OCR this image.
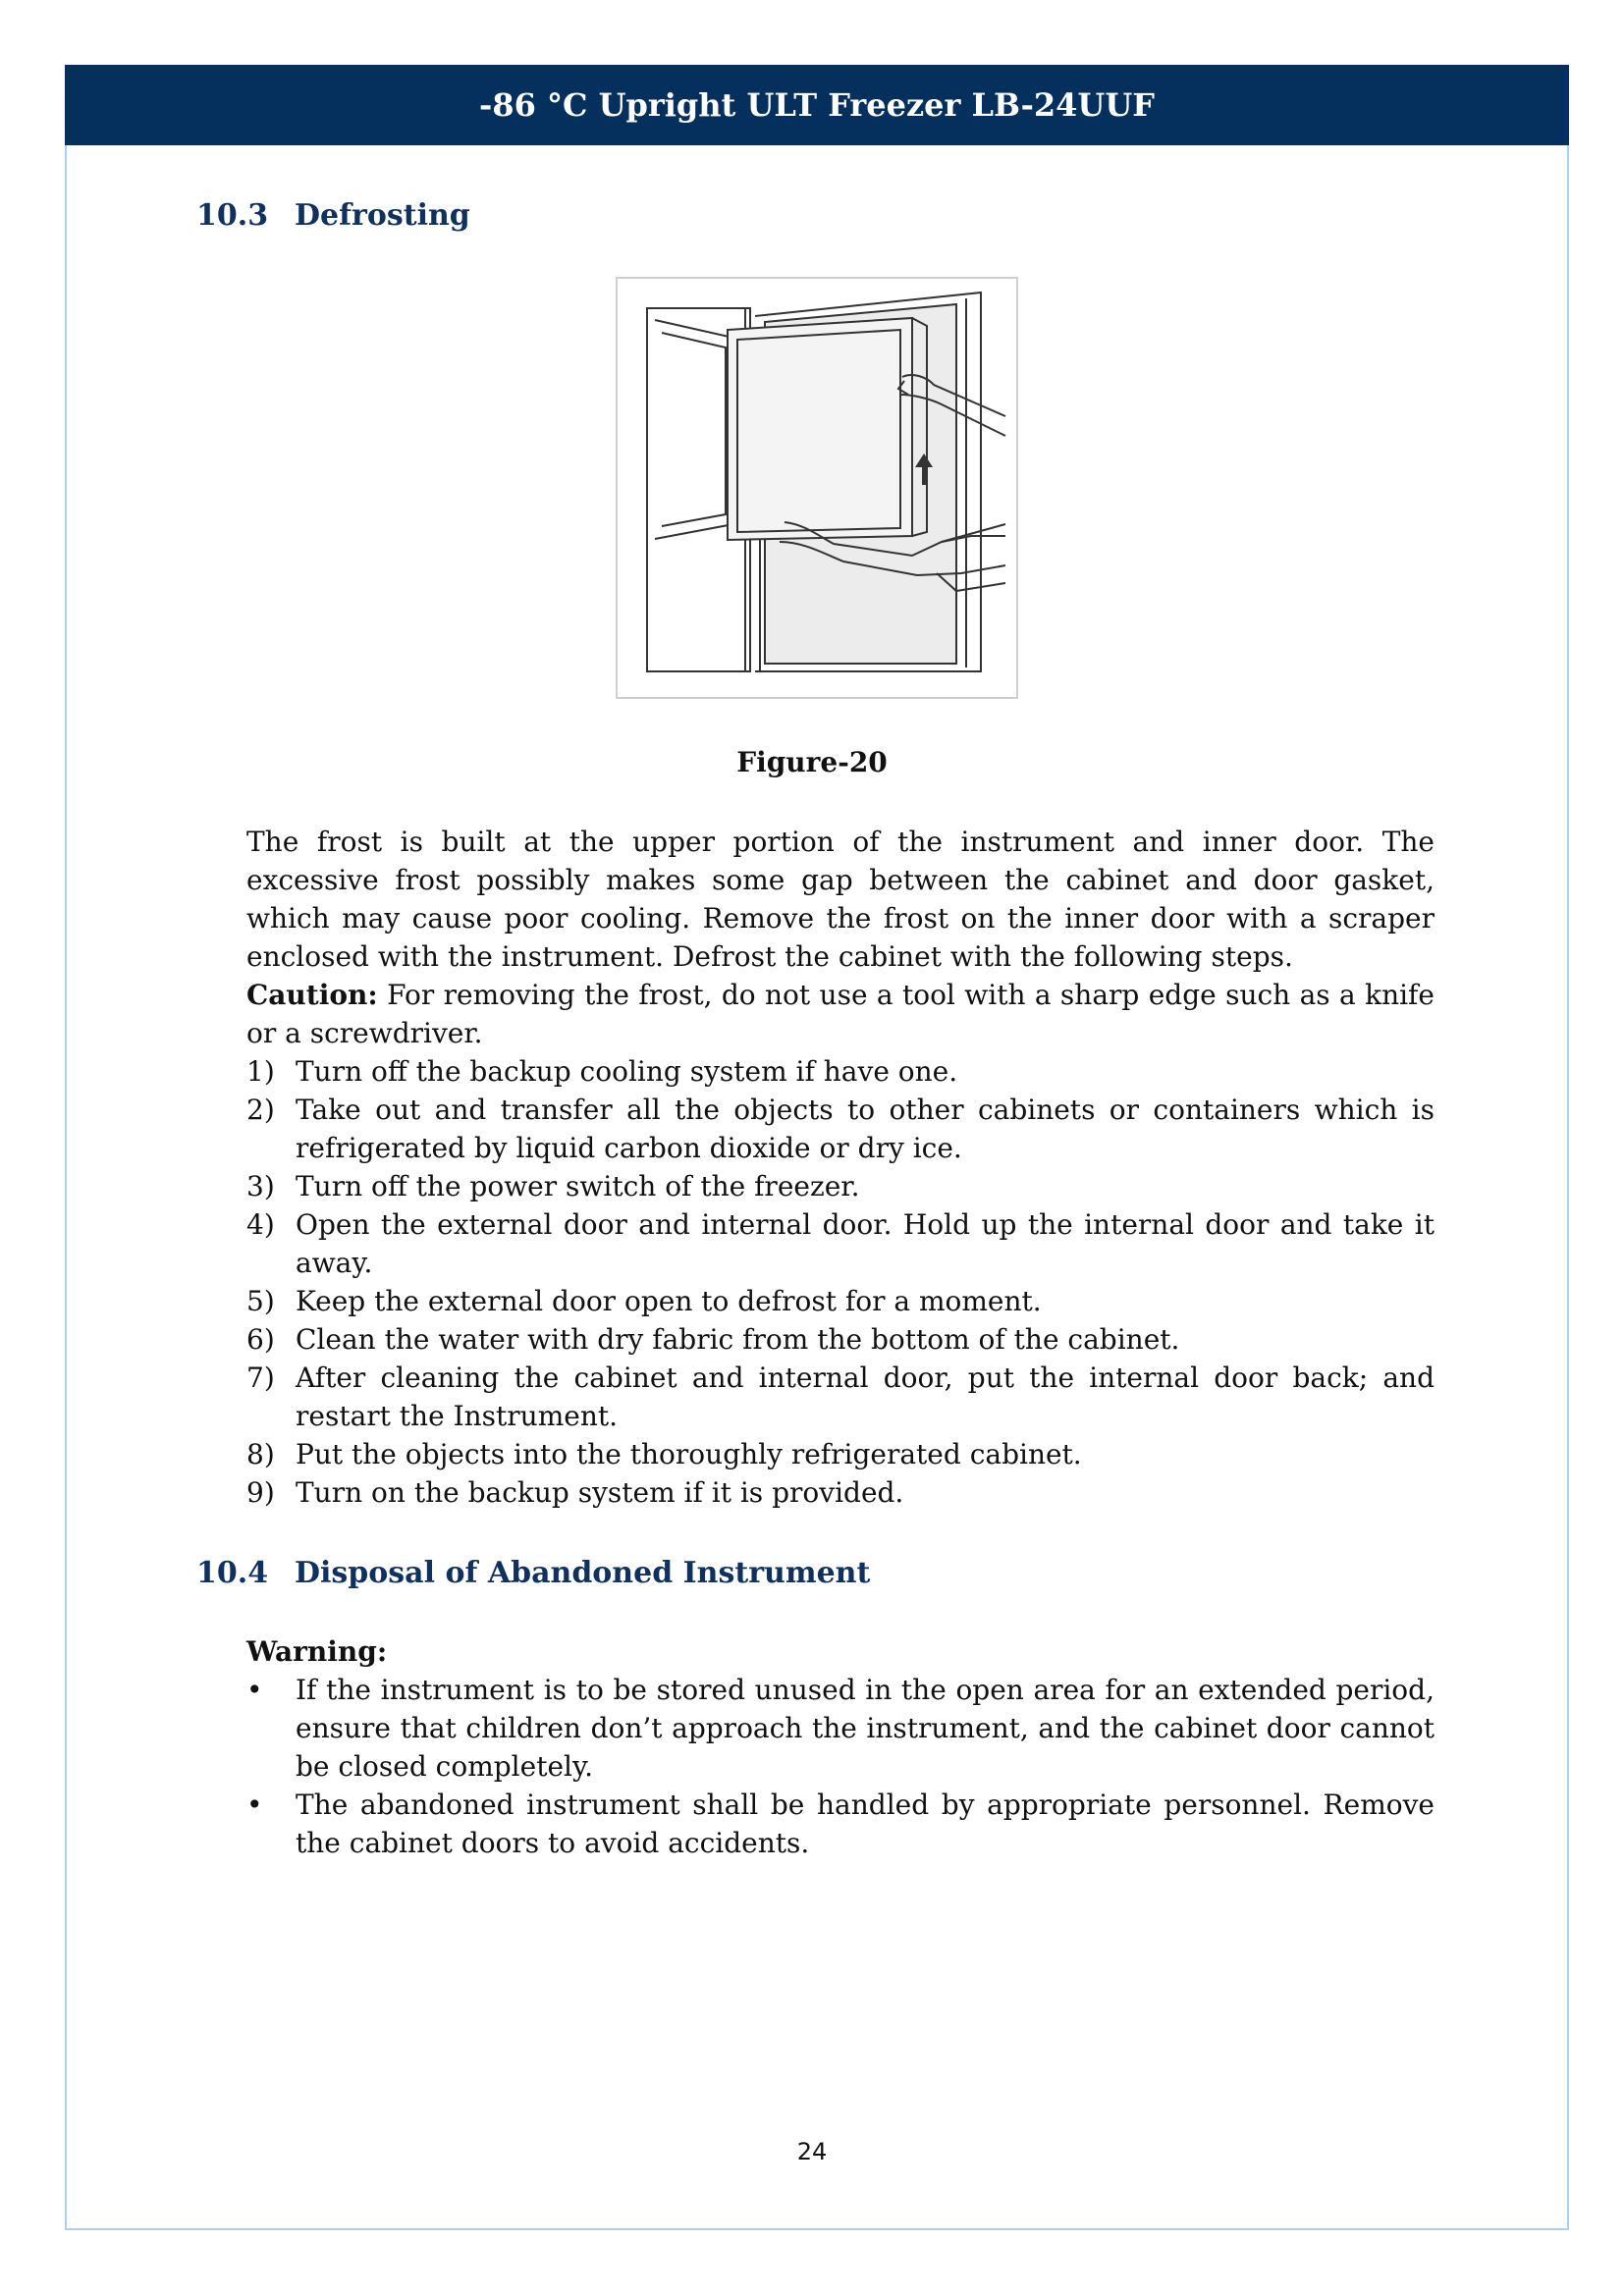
-86 °C Upright ULT Freezer LB-24UUF
10.3 Defrosting
Figure-20

The frost is built at the upper portion of the instrument and inner door. The excessive frost possibly makes some gap between the cabinet and door gasket, which may cause poor cooling. Remove the frost on the inner door with a scraper enclosed with the instrument. Defrost the cabinet with the following steps.

Caution: For removing the frost, do not use a tool with a sharp edge such as a knife or a screwdriver.

1) Turn off the backup cooling system if have one.
2) Take out and transfer all the objects to other cabinets or containers which is refrigerated by liquid carbon dioxide or dry ice.
3) Turn off the power switch of the freezer.
4) Open the external door and internal door. Hold up the internal door and take it away.
5) Keep the external door open to defrost for a moment.
6) Clean the water with dry fabric from the bottom of the cabinet.
7) After cleaning the cabinet and internal door, put the internal door back; and restart the Instrument.
8) Put the objects into the thoroughly refrigerated cabinet.
9) Turn on the backup system if it is provided.
10.4 Disposal of Abandoned Instrument

Warning:

•	If the instrument is to be stored unused in the open area for an extended period, ensure that children don’t approach the instrument, and the cabinet door cannot be closed completely.
•	The abandoned instrument shall be handled by appropriate personnel. Remove the cabinet doors to avoid accidents.
24
